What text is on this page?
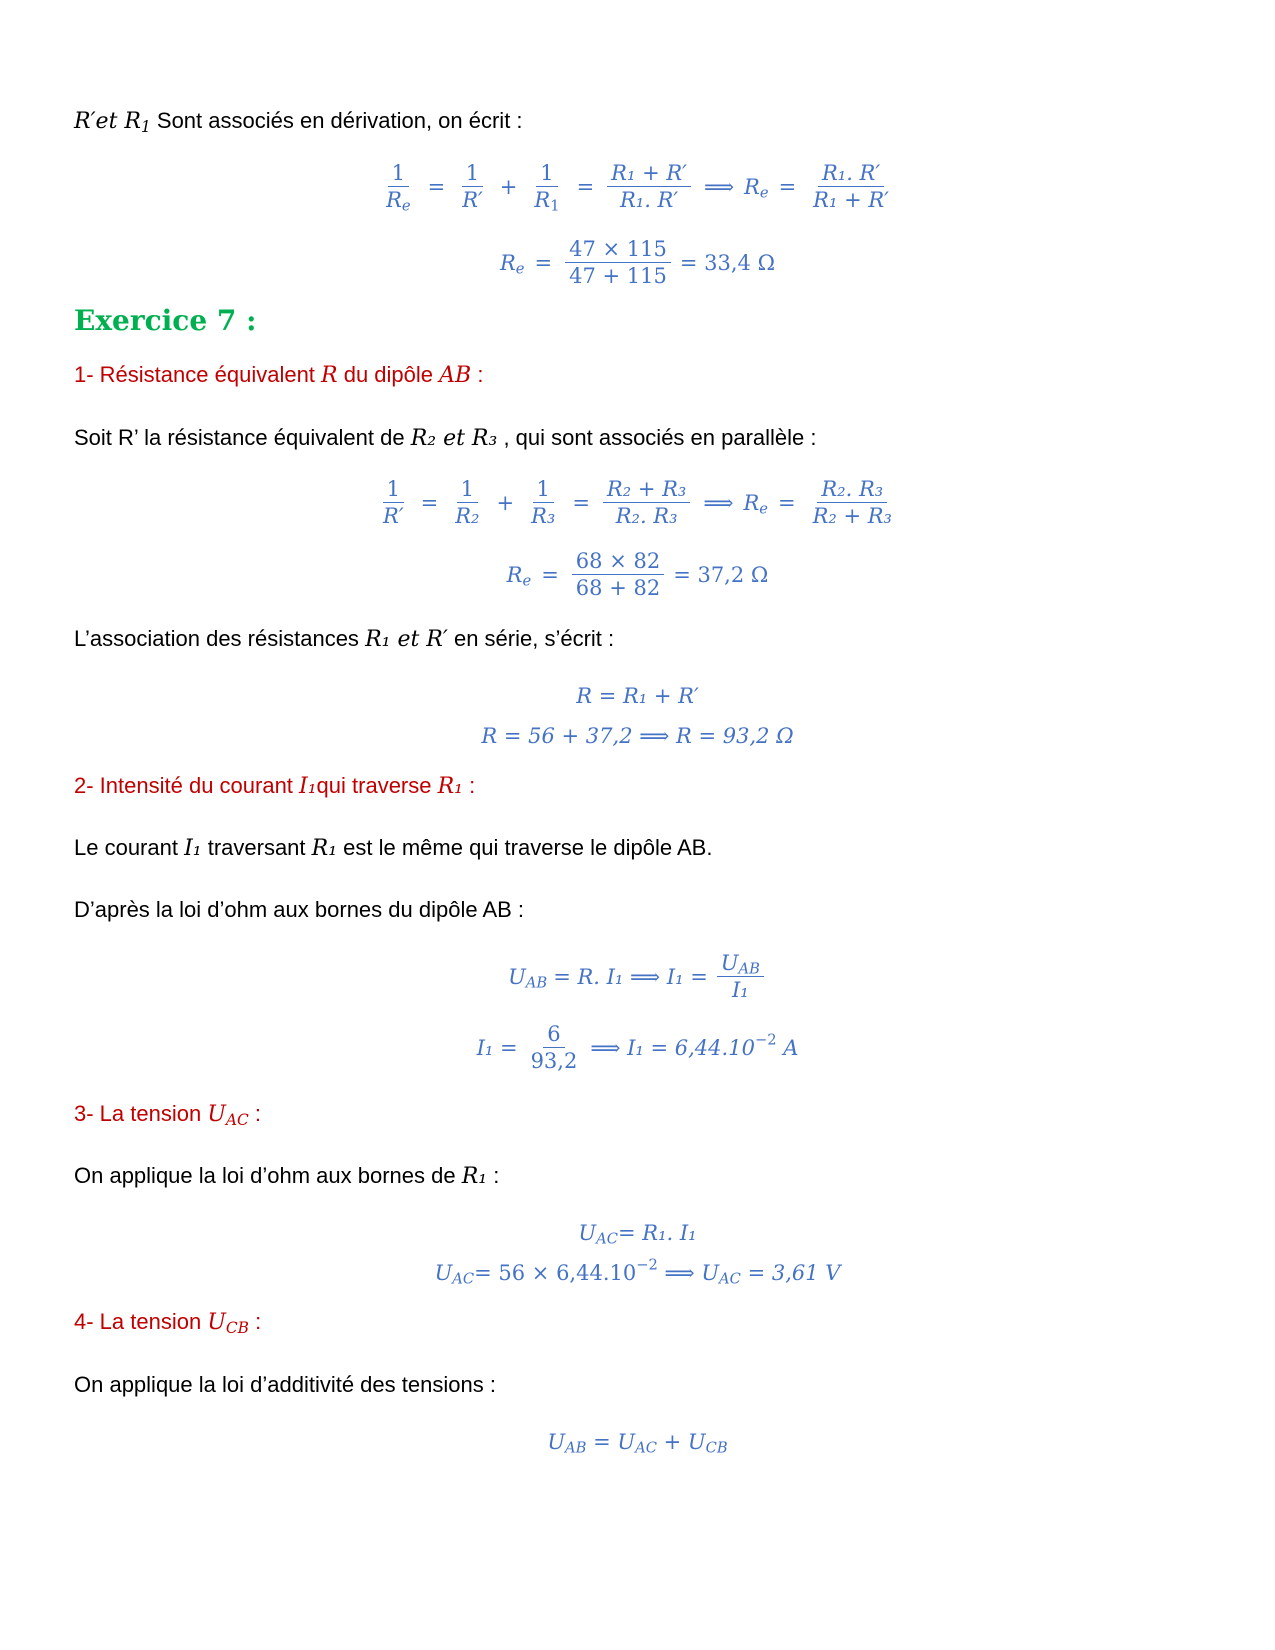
R′et $R_1$ Sont associés en dérivation, on écrit :
$\frac{1}{R_e} = \frac{1}{R'} + \frac{1}{R_1} = \frac{\text{R₁ + R′}}{\text{R₁. R′}}$ ⟹ $R_e = \frac{\text{R₁. R′}}{\text{R₁ + R′}}$
$R_e = \frac{47 \times 115}{47 + 115} = 33,4$ Ω
Exercice 7 :
1- Résistance équivalent R du dipôle AB :
Soit R’ la résistance équivalent de R₂ et R₃ , qui sont associés en parallèle :
$\frac{1}{R'} = \frac{1}{\text{R₂}} + \frac{1}{\text{R₃}} = \frac{\text{R₂ + R₃}}{\text{R₂. R₃}}$ ⟹ $R_e = \frac{\text{R₂. R₃}}{\text{R₂ + R₃}}$
$R_e = \frac{68 \times 82}{68 + 82} = 37,2$ Ω
L’association des résistances R₁ et R′ en série, s’écrit :
R = R₁ + R′
R = 56 + 37,2 ⟹ R = 93,2 Ω
2- Intensité du courant I₁qui traverse R₁ :
Le courant I₁ traversant R₁ est le même qui traverse le dipôle AB.
D’après la loi d’ohm aux bornes du dipôle AB :
$U_{AB} = R$. I₁ ⟹ I₁ =
$U_{AB}$
I₁
$I_1 = \frac{6}{93,2}$ ⟹ $I_1 = 6,44.10^{-2}$ A
3- La tension $U_{AC}$ :
On applique la loi d’ohm aux bornes de R₁ :
$U_{AC}= R_1$. I₁
$U_{AC}= 56 \times 6,44.10^{-2}$ ⟹ $U_{AC} = 3,61$ V
4- La tension $U_{CB}$ :
On applique la loi d’additivité des tensions :
$U_{AB} = U_{AC} + U_{CB}$
